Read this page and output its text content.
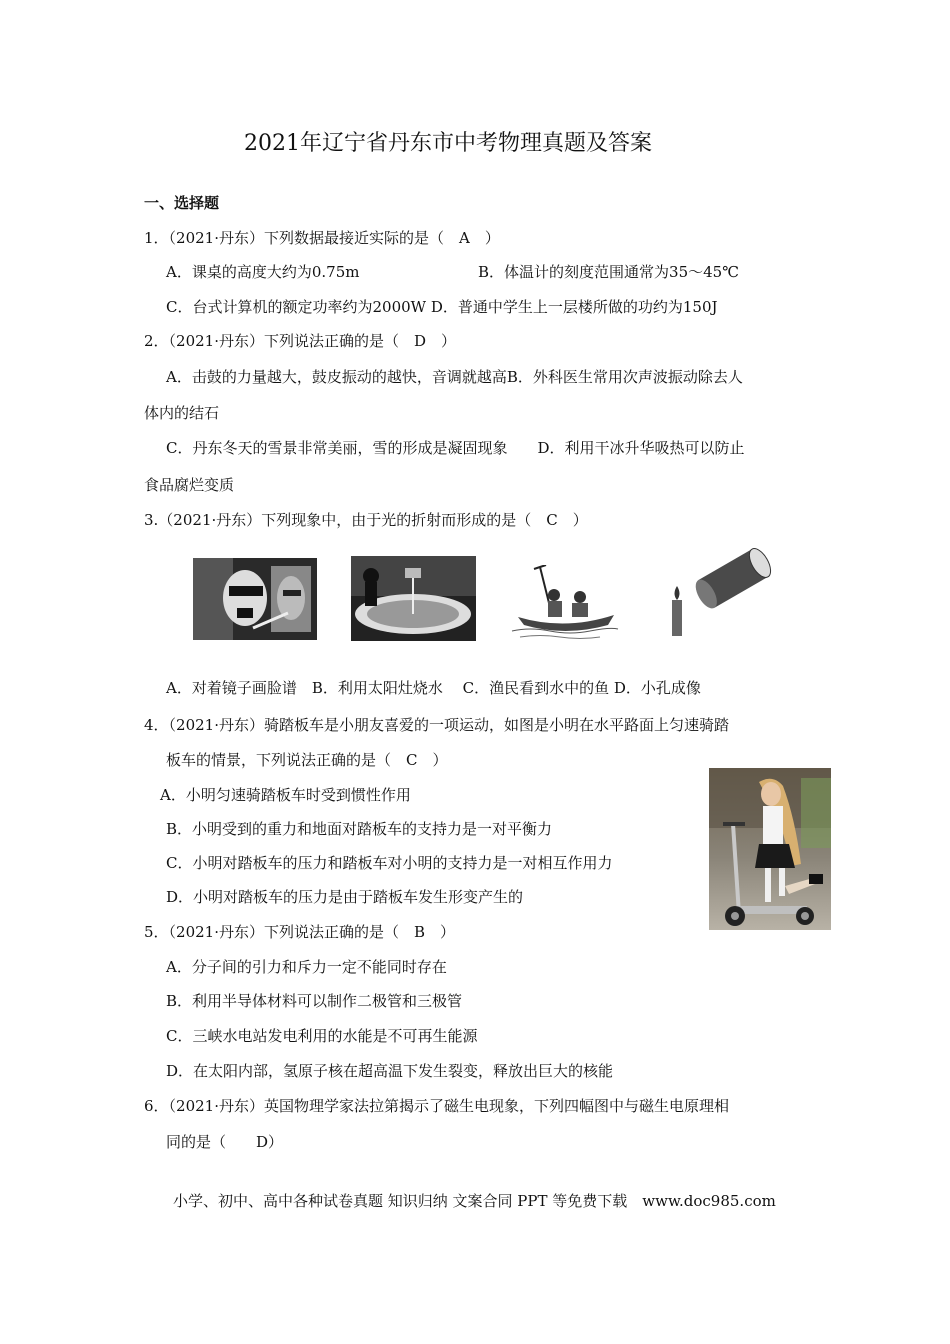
2021年辽宁省丹东市中考物理真题及答案
一、选择题
1．（2021·丹东）下列数据最接近实际的是（　A　）
A．课桌的高度大约为0.75m	B．体温计的刻度范围通常为35～45℃
C．台式计算机的额定功率约为2000W D．普通中学生上一层楼所做的功约为150J
2．（2021·丹东）下列说法正确的是（　D　）
A．击鼓的力量越大，鼓皮振动的越快，音调就越高B．外科医生常用次声波振动除去人
体内的结石
C．丹东冬天的雪景非常美丽，雪的形成是凝固现象　　D．利用干冰升华吸热可以防止
食品腐烂变质
3.（2021·丹东）下列现象中，由于光的折射而形成的是（　C　）
A．对着镜子画脸谱　B．利用太阳灶烧水　 C．渔民看到水中的鱼 D．小孔成像
4．（2021·丹东）骑踏板车是小朋友喜爱的一项运动，如图是小明在水平路面上匀速骑踏
板车的情景，下列说法正确的是（　C　）
A．小明匀速骑踏板车时受到惯性作用
B．小明受到的重力和地面对踏板车的支持力是一对平衡力
C．小明对踏板车的压力和踏板车对小明的支持力是一对相互作用力
D．小明对踏板车的压力是由于踏板车发生形变产生的
5．（2021·丹东）下列说法正确的是（　B　）
A．分子间的引力和斥力一定不能同时存在
B．利用半导体材料可以制作二极管和三极管
C．三峡水电站发电利用的水能是不可再生能源
D．在太阳内部，氢原子核在超高温下发生裂变，释放出巨大的核能
6．（2021·丹东）英国物理学家法拉第揭示了磁生电现象，下列四幅图中与磁生电原理相
同的是（　　D）
小学、初中、高中各种试卷真题 知识归纳 文案合同 PPT 等免费下载　www.doc985.com
